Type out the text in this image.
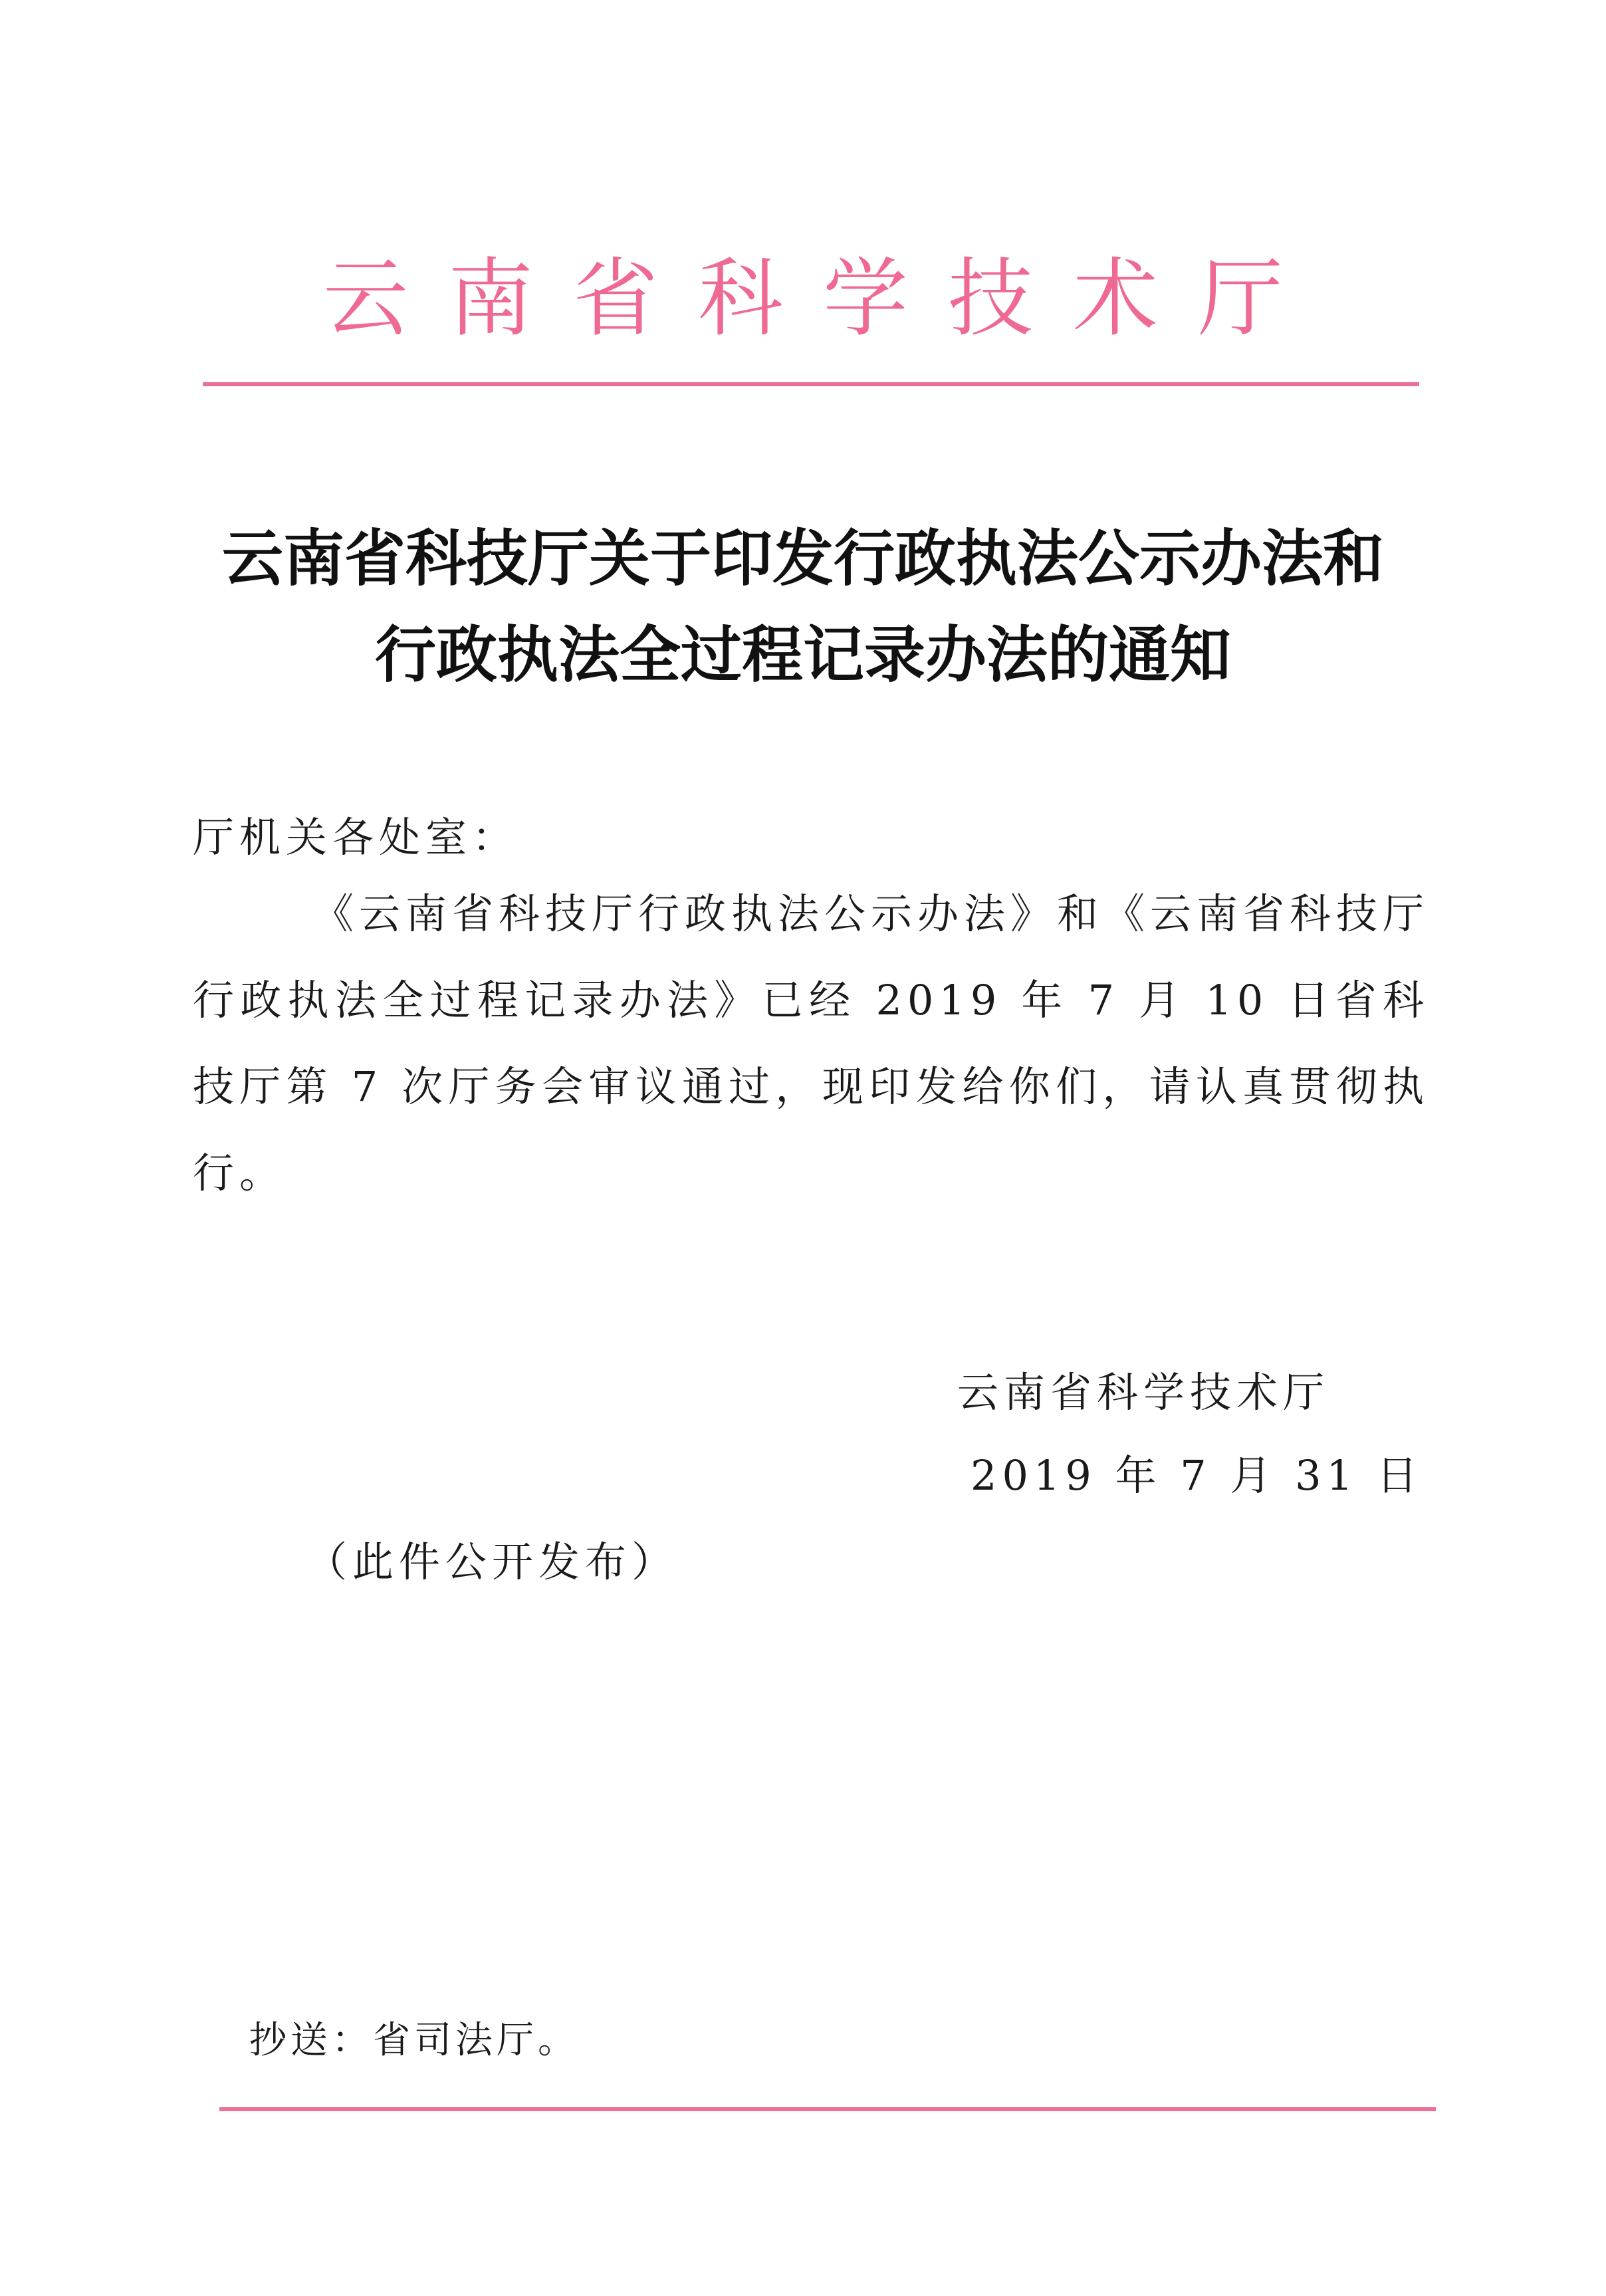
云南省科学技术厅
云南省科技厅关于印发行政执法公示办法和
行政执法全过程记录办法的通知
厅机关各处室：
《云南省科技厅行政执法公示办法》和《云南省科技厅行政执法全过程记录办法》已经 2019 年 7 月 10 日省科技厅第 7 次厅务会审议通过，现印发给你们，请认真贯彻执行。
云南省科学技术厅
2019 年 7 月 31 日
（此件公开发布）
抄送：省司法厅。
